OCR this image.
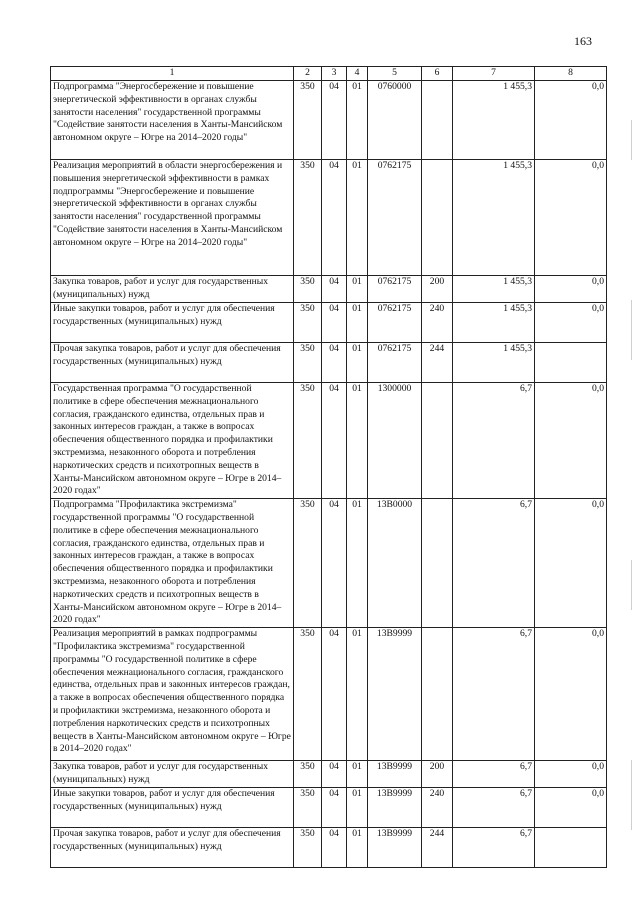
163
1	2	3	4	5	6	7	8
Подпрограмма "Энергосбережение и повышение энергетической эффективности в органах службы занятости населения" государственной программы "Содействие занятости населения в Ханты-Мансийском автономном округе – Югре на 2014–2020 годы"	350	04	01	0760000		1 455,3	0,0
Реализация мероприятий в области энергосбережения и повышения энергетической эффективности в рамках подпрограммы "Энергосбережение и повышение энергетической эффективности в органах службы занятости населения" государственной программы "Содействие занятости населения в Ханты-Мансийском автономном округе – Югре на 2014–2020 годы"	350	04	01	0762175		1 455,3	0,0
Закупка товаров, работ и услуг для государственных (муниципальных) нужд	350	04	01	0762175	200	1 455,3	0,0
Иные закупки товаров, работ и услуг для обеспечения государственных (муниципальных) нужд	350	04	01	0762175	240	1 455,3	0,0
Прочая закупка товаров, работ и услуг для обеспечения государственных (муниципальных) нужд	350	04	01	0762175	244	1 455,3	
Государственная программа "О государственной политике в сфере обеспечения межнационального согласия, гражданского единства, отдельных прав и законных интересов граждан, а также в вопросах обеспечения общественного порядка и профилактики экстремизма, незаконного оборота и потребления наркотических средств и психотропных веществ в Ханты-Мансийском автономном округе – Югре в 2014–2020 годах"	350	04	01	1300000		6,7	0,0
Подпрограмма "Профилактика экстремизма" государственной программы "О государственной политике в сфере обеспечения межнационального согласия, гражданского единства, отдельных прав и законных интересов граждан, а также в вопросах обеспечения общественного порядка и профилактики экстремизма, незаконного оборота и потребления наркотических средств и психотропных веществ в Ханты-Мансийском автономном округе – Югре в 2014–2020 годах"	350	04	01	13В0000		6,7	0,0
Реализация мероприятий в рамках подпрограммы "Профилактика экстремизма" государственной программы "О государственной политике в сфере обеспечения межнационального согласия, гражданского единства, отдельных прав и законных интересов граждан, а также в вопросах обеспечения общественного порядка и профилактики экстремизма, незаконного оборота и потребления наркотических средств и психотропных веществ в Ханты-Мансийском автономном округе – Югре в 2014–2020 годах"	350	04	01	13В9999		6,7	0,0
Закупка товаров, работ и услуг для государственных (муниципальных) нужд	350	04	01	13В9999	200	6,7	0,0
Иные закупки товаров, работ и услуг для обеспечения государственных (муниципальных) нужд	350	04	01	13В9999	240	6,7	0,0
Прочая закупка товаров, работ и услуг для обеспечения государственных (муниципальных) нужд	350	04	01	13В9999	244	6,7	
